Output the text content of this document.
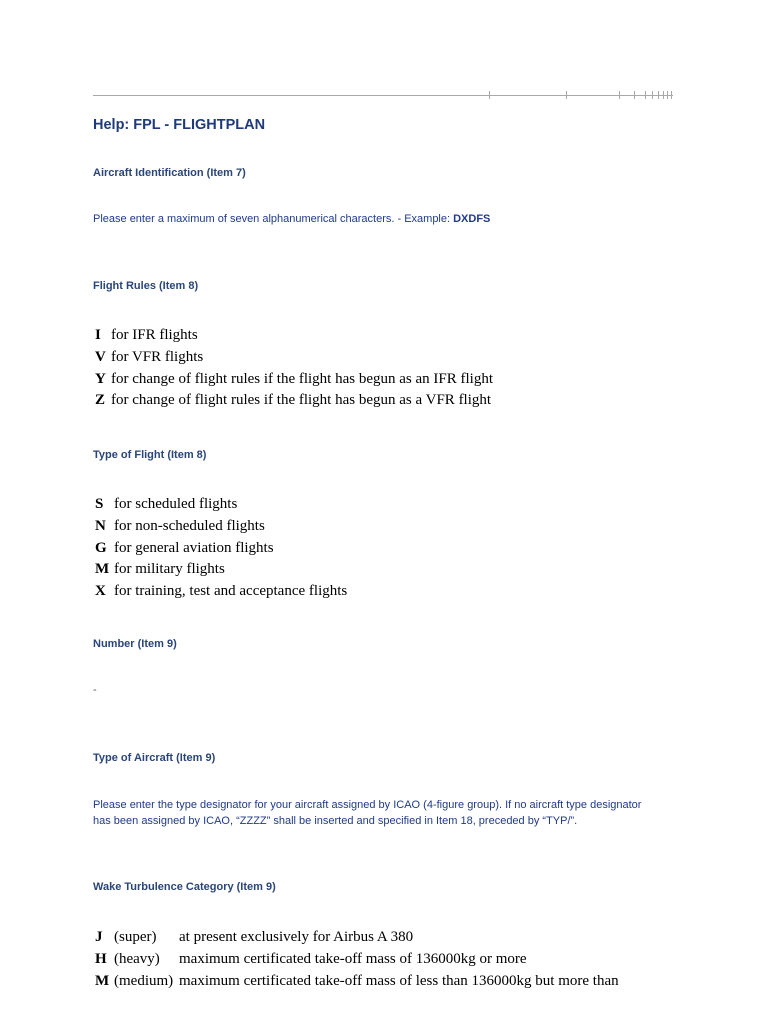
Help: FPL - FLIGHTPLAN
Aircraft Identification (Item 7)
Please enter a maximum of seven alphanumerical characters. - Example: DXDFS
Flight Rules (Item 8)
I for IFR flights
V for VFR flights
Y for change of flight rules if the flight has begun as an IFR flight
Z for change of flight rules if the flight has begun as a VFR flight
Type of Flight (Item 8)
S for scheduled flights
N for non-scheduled flights
G for general aviation flights
M for military flights
X for training, test and acceptance flights
Number (Item 9)
-
Type of Aircraft (Item 9)
Please enter the type designator for your aircraft assigned by ICAO (4-figure group). If no aircraft type designator
has been assigned by ICAO, “ZZZZ” shall be inserted and specified in Item 18, preceded by “TYP/”.
Wake Turbulence Category (Item 9)
J (super) at present exclusively for Airbus A 380
H (heavy) maximum certificated take-off mass of 136000kg or more
M (medium) maximum certificated take-off mass of less than 136000kg but more than
